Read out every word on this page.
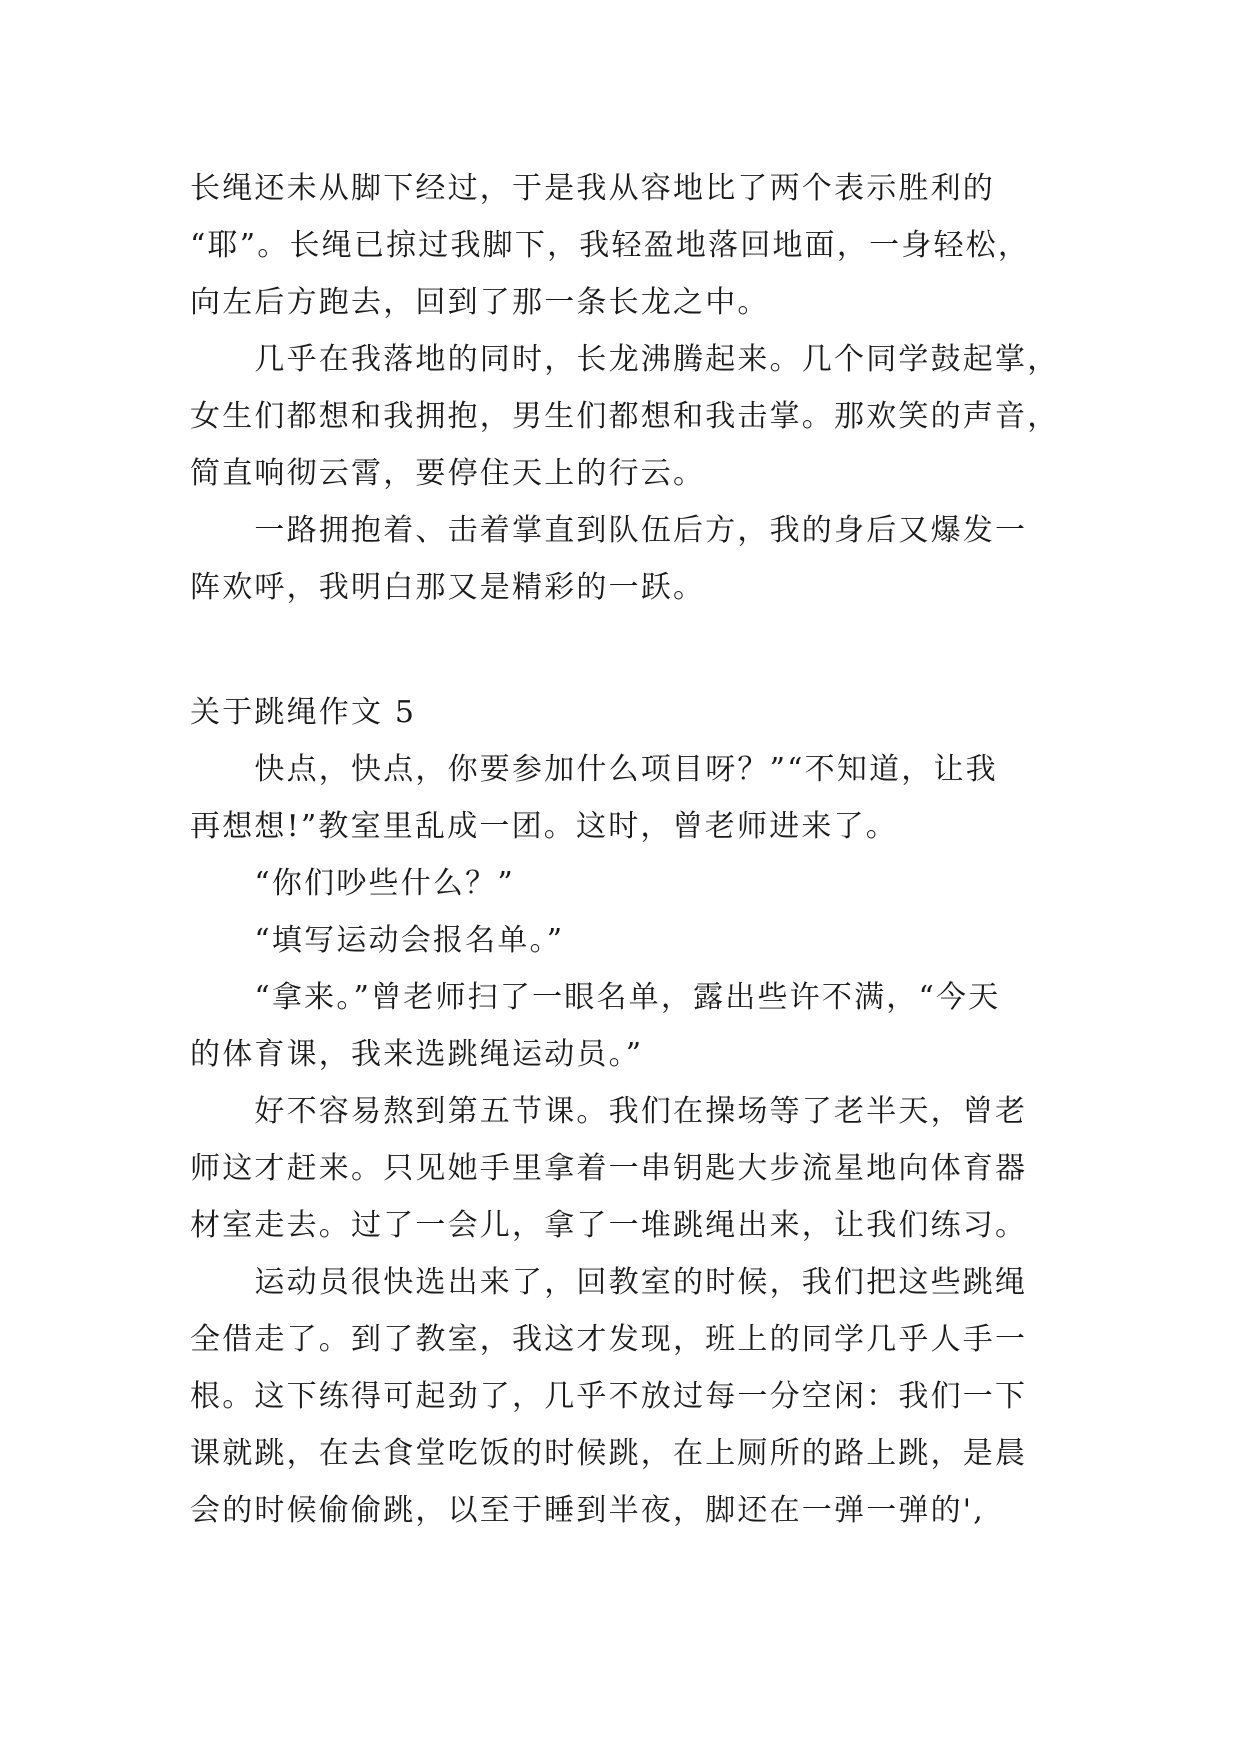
长绳还未从脚下经过，于是我从容地比了两个表示胜利的
“耶”。长绳已掠过我脚下，我轻盈地落回地面，一身轻松，
向左后方跑去，回到了那一条长龙之中。

　　几乎在我落地的同时，长龙沸腾起来。几个同学鼓起掌，
女生们都想和我拥抱，男生们都想和我击掌。那欢笑的声音，
简直响彻云霄，要停住天上的行云。

　　一路拥抱着、击着掌直到队伍后方，我的身后又爆发一
阵欢呼，我明白那又是精彩的一跃。

关于跳绳作文 5

　　快点，快点，你要参加什么项目呀？”“不知道，让我
再想想!”教室里乱成一团。这时，曾老师进来了。

　　“你们吵些什么？”

　　“填写运动会报名单。”

　　“拿来。”曾老师扫了一眼名单，露出些许不满，“今天
的体育课，我来选跳绳运动员。”

　　好不容易熬到第五节课。我们在操场等了老半天，曾老
师这才赶来。只见她手里拿着一串钥匙大步流星地向体育器
材室走去。过了一会儿，拿了一堆跳绳出来，让我们练习。

　　运动员很快选出来了，回教室的时候，我们把这些跳绳
全借走了。到了教室，我这才发现，班上的同学几乎人手一
根。这下练得可起劲了，几乎不放过每一分空闲：我们一下
课就跳，在去食堂吃饭的时候跳，在上厕所的路上跳，是晨
会的时候偷偷跳，以至于睡到半夜，脚还在一弹一弹的',
